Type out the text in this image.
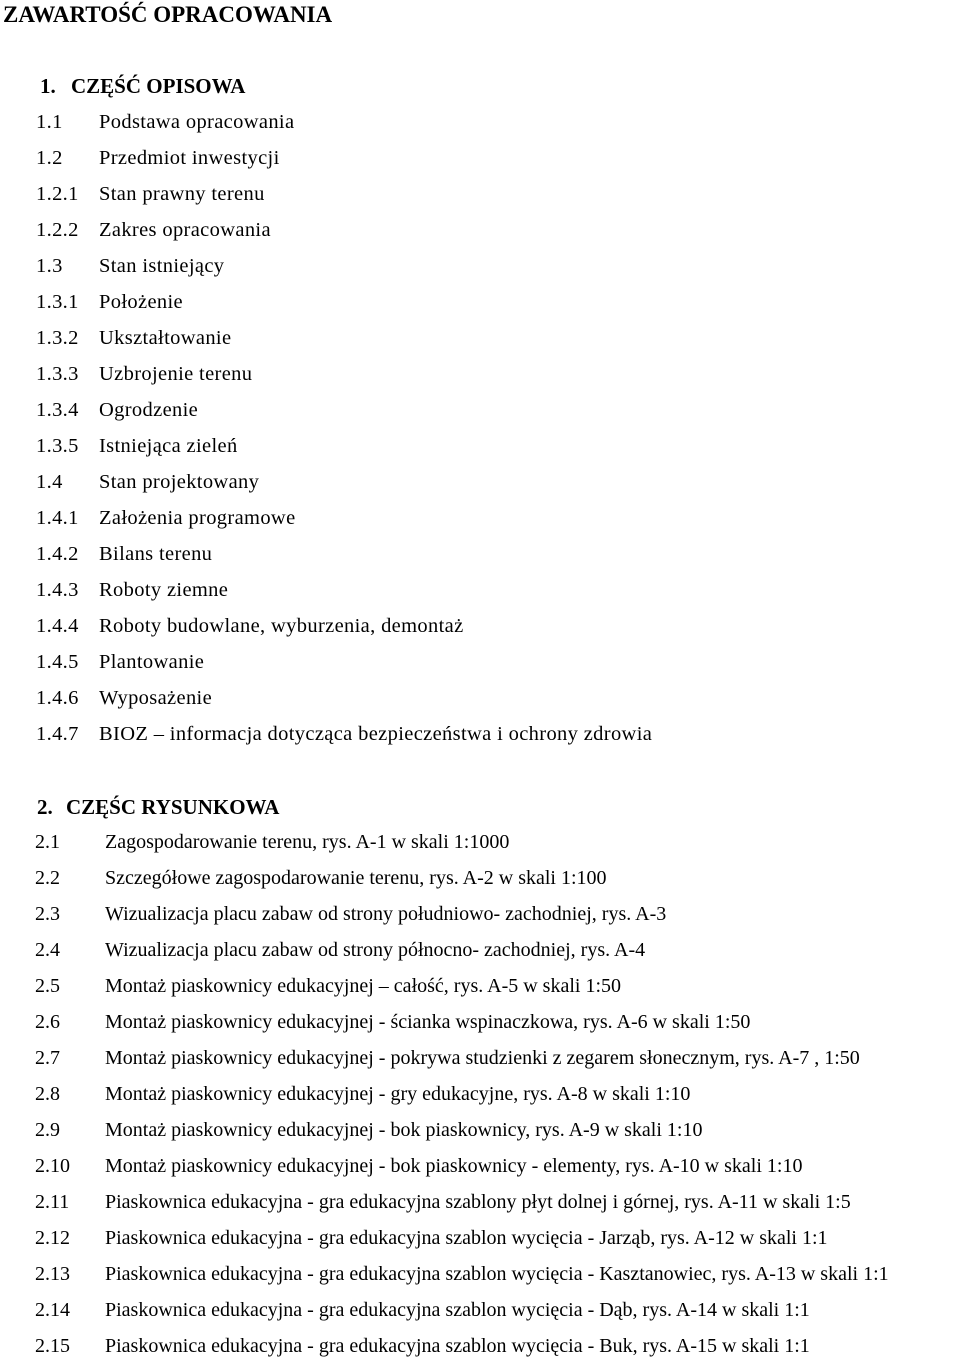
ZAWARTOŚĆ OPRACOWANIA
1. CZĘŚĆ OPISOWA
1.1 Podstawa opracowania
1.2 Przedmiot inwestycji
1.2.1 Stan prawny terenu
1.2.2 Zakres opracowania
1.3 Stan istniejący
1.3.1 Położenie
1.3.2 Ukształtowanie
1.3.3 Uzbrojenie terenu
1.3.4 Ogrodzenie
1.3.5 Istniejąca zieleń
1.4 Stan projektowany
1.4.1 Założenia programowe
1.4.2 Bilans terenu
1.4.3 Roboty ziemne
1.4.4 Roboty budowlane, wyburzenia, demontaż
1.4.5 Plantowanie
1.4.6 Wyposażenie
1.4.7 BIOZ – informacja dotycząca bezpieczeństwa i ochrony zdrowia
2. CZĘŚC RYSUNKOWA
2.1 Zagospodarowanie terenu, rys. A-1 w skali 1:1000
2.2 Szczegółowe zagospodarowanie terenu, rys. A-2 w skali 1:100
2.3 Wizualizacja placu zabaw od strony południowo- zachodniej, rys. A-3
2.4 Wizualizacja placu zabaw od strony północno- zachodniej, rys. A-4
2.5 Montaż piaskownicy edukacyjnej – całość, rys. A-5 w skali 1:50
2.6 Montaż piaskownicy edukacyjnej - ścianka wspinaczkowa, rys. A-6 w skali 1:50
2.7 Montaż piaskownicy edukacyjnej - pokrywa studzienki z zegarem słonecznym, rys. A-7 , 1:50
2.8 Montaż piaskownicy edukacyjnej - gry edukacyjne, rys. A-8 w skali 1:10
2.9 Montaż piaskownicy edukacyjnej - bok piaskownicy, rys. A-9 w skali 1:10
2.10 Montaż piaskownicy edukacyjnej - bok piaskownicy - elementy, rys. A-10 w skali 1:10
2.11 Piaskownica edukacyjna - gra edukacyjna szablony płyt dolnej i górnej, rys. A-11 w skali 1:5
2.12 Piaskownica edukacyjna - gra edukacyjna szablon wycięcia - Jarząb, rys. A-12 w skali 1:1
2.13 Piaskownica edukacyjna - gra edukacyjna szablon wycięcia - Kasztanowiec, rys. A-13 w skali 1:1
2.14 Piaskownica edukacyjna - gra edukacyjna szablon wycięcia - Dąb, rys. A-14 w skali 1:1
2.15 Piaskownica edukacyjna - gra edukacyjna szablon wycięcia - Buk, rys. A-15 w skali 1:1
